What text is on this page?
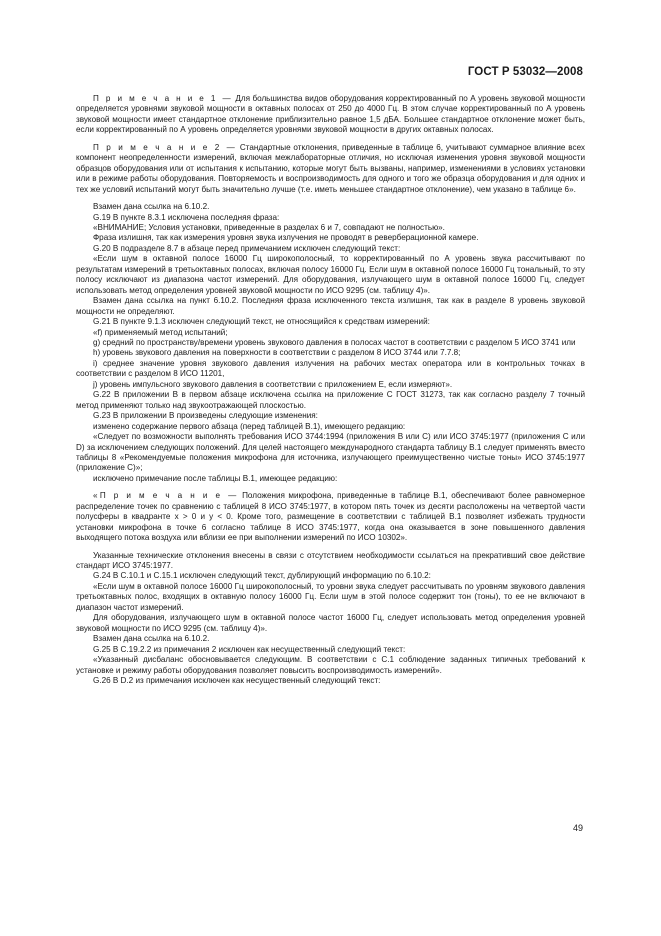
ГОСТ Р 53032—2008

П р и м е ч а н и е 1 — Для большинства видов оборудования корректированный по А уровень звуковой мощности определяется уровнями звуковой мощности в октавных полосах от 250 до 4000 Гц. В этом случае корректированный по А уровень звуковой мощности имеет стандартное отклонение приблизительно равное 1,5 дБА. Большее стандартное отклонение может быть, если корректированный по А уровень определяется уровнями звуковой мощности в других октавных полосах.

П р и м е ч а н и е 2 — Стандартные отклонения, приведенные в таблице 6, учитывают суммарное влияние всех компонент неопределенности измерений, включая межлабораторные отличия, но исключая изменения уровня звуковой мощности образцов оборудования или от испытания к испытанию, которые могут быть вызваны, например, изменениями в условиях установки или в режиме работы оборудования. Повторяемость и воспроизводимость для одного и того же образца оборудования и для одних и тех же условий испытаний могут быть значительно лучше (т.е. иметь меньшее стандартное отклонение), чем указано в таблице 6».

Взамен дана ссылка на 6.10.2.

G.19 В пункте 8.3.1 исключена последняя фраза:

«ВНИМАНИЕ; Условия установки, приведенные в разделах 6 и 7, совпадают не полностью».

Фраза излишня, так как измерения уровня звука излучения не проводят в реверберационной камере.

G.20 В подразделе 8.7 в абзаце перед примечанием исключен следующий текст:

«Если шум в октавной полосе 16000 Гц широкополосный, то корректированный по А уровень звука рассчитывают по результатам измерений в третьоктавных полосах, включая полосу 16000 Гц. Если шум в октавной полосе 16000 Гц тональный, то эту полосу исключают из диапазона частот измерений. Для оборудования, излучающего шум в октавной полосе 16000 Гц, следует использовать метод определения уровней звуковой мощности по ИСО 9295 (см. таблицу 4)».

Взамен дана ссылка на пункт 6.10.2. Последняя фраза исключенного текста излишня, так как в разделе 8 уровень звуковой мощности не определяют.

G.21 В пункте 9.1.3 исключен следующий текст, не относящийся к средствам измерений:

«f) применяемый метод испытаний;

g) средний по пространству/времени уровень звукового давления в полосах частот в соответствии с разделом 5 ИСО 3741 или

h) уровень звукового давления на поверхности в соответствии с разделом 8 ИСО 3744 или 7.7.8;

i) среднее значение уровня звукового давления излучения на рабочих местах оператора или в контрольных точках в соответствии с разделом 8 ИСО 11201,

j) уровень импульсного звукового давления в соответствии с приложением Е, если измеряют».

G.22 В приложении В в первом абзаце исключена ссылка на приложение С ГОСТ 31273, так как согласно разделу 7 точный метод применяют только над звукоотражающей плоскостью.

G.23 В приложении В произведены следующие изменения:

изменено содержание первого абзаца (перед таблицей В.1), имеющего редакцию:

«Следует по возможности выполнять требования ИСО 3744:1994 (приложения В или С) или ИСО 3745:1977 (приложения С или D) за исключением следующих положений. Для целей настоящего международного стандарта таблицу В.1 следует применять вместо таблицы 8 «Рекомендуемые положения микрофона для источника, излучающего преимущественно чистые тоны» ИСО 3745:1977 (приложение С)»;

исключено примечание после таблицы В.1, имеющее редакцию:

«П р и м е ч а н и е — Положения микрофона, приведенные в таблице В.1, обеспечивают более равномерное распределение точек по сравнению с таблицей 8 ИСО 3745:1977, в котором пять точек из десяти расположены на четвертой части полусферы в квадранте x > 0 и y < 0. Кроме того, размещение в соответствии с таблицей В.1 позволяет избежать трудности установки микрофона в точке 6 согласно таблице 8 ИСО 3745:1977, когда она оказывается в зоне повышенного давления выходящего потока воздуха или вблизи ее при выполнении измерений по ИСО 10302».

Указанные технические отклонения внесены в связи с отсутствием необходимости ссылаться на прекративший свое действие стандарт ИСО 3745:1977.

G.24 В С.10.1 и С.15.1 исключен следующий текст, дублирующий информацию по 6.10.2:

«Если шум в октавной полосе 16000 Гц широкополосный, то уровни звука следует рассчитывать по уровням звукового давления третьоктавных полос, входящих в октавную полосу 16000 Гц. Если шум в этой полосе содержит тон (тоны), то ее не включают в диапазон частот измерений.

Для оборудования, излучающего шум в октавной полосе частот 16000 Гц, следует использовать метод определения уровней звуковой мощности по ИСО 9295 (см. таблицу 4)».

Взамен дана ссылка на 6.10.2.

G.25 В С.19.2.2 из примечания 2 исключен как несущественный следующий текст:

«Указанный дисбаланс обосновывается следующим. В соответствии с С.1 соблюдение заданных типичных требований к установке и режиму работы оборудования позволяет повысить воспроизводимость измерений».

G.26 В D.2 из примечания исключен как несущественный следующий текст:

49
